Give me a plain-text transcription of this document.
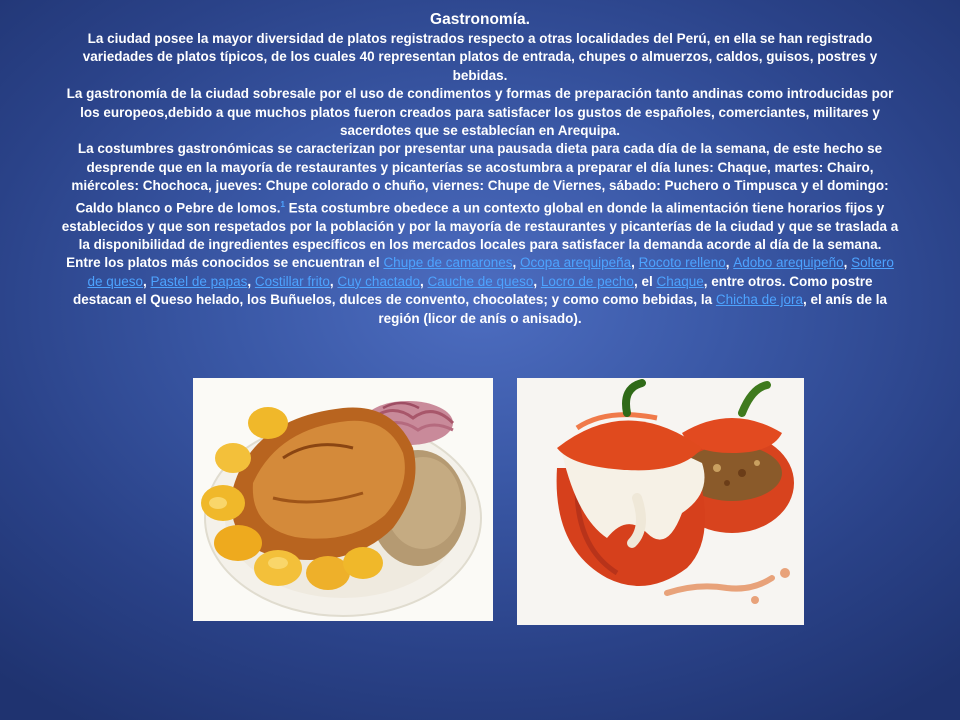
Gastronomía.
La ciudad posee la mayor diversidad de platos registrados respecto a otras localidades del Perú, en ella se han registrado variedades de platos típicos, de los cuales 40 representan platos de entrada, chupes o almuerzos, caldos, guisos, postres y bebidas.
La gastronomía de la ciudad sobresale por el uso de condimentos y formas de preparación tanto andinas como introducidas por los europeos,debido a que muchos platos fueron creados para satisfacer los gustos de españoles, comerciantes, militares y sacerdotes que se establecían en Arequipa.
La costumbres gastronómicas se caracterizan por presentar una pausada dieta para cada día de la semana, de este hecho se desprende que en la mayoría de restaurantes y picanterías se acostumbra a preparar el día lunes: Chaque, martes: Chairo, miércoles: Chochoca, jueves: Chupe colorado o chuño, viernes: Chupe de Viernes, sábado: Puchero o Timpusca y el domingo: Caldo blanco o Pebre de lomos.$^1$ Esta costumbre obedece a un contexto global en donde la alimentación tiene horarios fijos y establecidos y que son respetados por la población y por la mayoría de restaurantes y picanterías de la ciudad y que se traslada a la disponibilidad de ingredientes específicos en los mercados locales para satisfacer la demanda acorde al día de la semana.
Entre los platos más conocidos se encuentran el Chupe de camarones, Ocopa arequipeña, Rocoto relleno, Adobo arequipeño, Soltero de queso, Pastel de papas, Costillar frito, Cuy chactado, Cauche de queso, Locro de pecho, el Chaque, entre otros. Como postre destacan el Queso helado, los Buñuelos, dulces de convento, chocolates; y como como bebidas, la Chicha de jora, el anís de la región (licor de anís o anisado).
